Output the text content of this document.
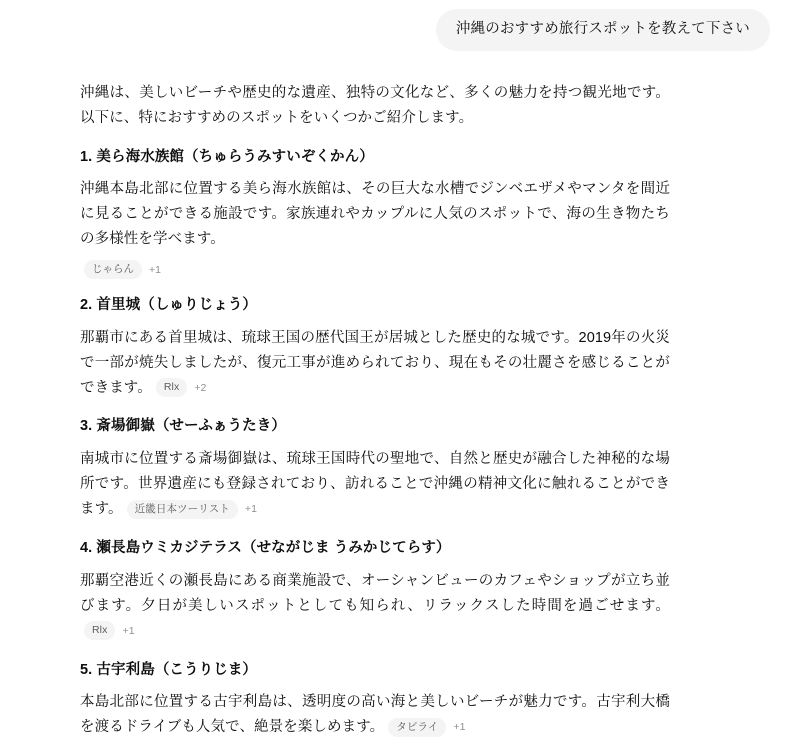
沖縄のおすすめ旅行スポットを教えて下さい

沖縄は、美しいビーチや歴史的な遺産、独特の文化など、多くの魅力を持つ観光地です。以下に、特におすすめのスポットをいくつかご紹介します。

1. 美ら海水族館（ちゅらうみすいぞくかん）

沖縄本島北部に位置する美ら海水族館は、その巨大な水槽でジンベエザメやマンタを間近に見ることができる施設です。家族連れやカップルに人気のスポットで、海の生き物たちの多様性を学べます。

じゃらん	+1
2. 首里城（しゅりじょう）

那覇市にある首里城は、琉球王国の歴代国王が居城とした歴史的な城です。2019年の火災で一部が焼失しましたが、復元工事が進められており、現在もその壮麗さを感じることができます。	Rlx	+2

3. 斎場御嶽（せーふぁうたき）

南城市に位置する斎場御嶽は、琉球王国時代の聖地で、自然と歴史が融合した神秘的な場所です。世界遺産にも登録されており、訪れることで沖縄の精神文化に触れることができます。	近畿日本ツーリスト	+1

4. 瀬長島ウミカジテラス（せながじま うみかじてらす）

那覇空港近くの瀬長島にある商業施設で、オーシャンビューのカフェやショップが立ち並びます。夕日が美しいスポットとしても知られ、リラックスした時間を過ごせます。
Rlx	+1

5. 古宇利島（こうりじま）

本島北部に位置する古宇利島は、透明度の高い海と美しいビーチが魅力です。古宇利大橋を渡るドライブも人気で、絶景を楽しめます。	タビライ	+1
